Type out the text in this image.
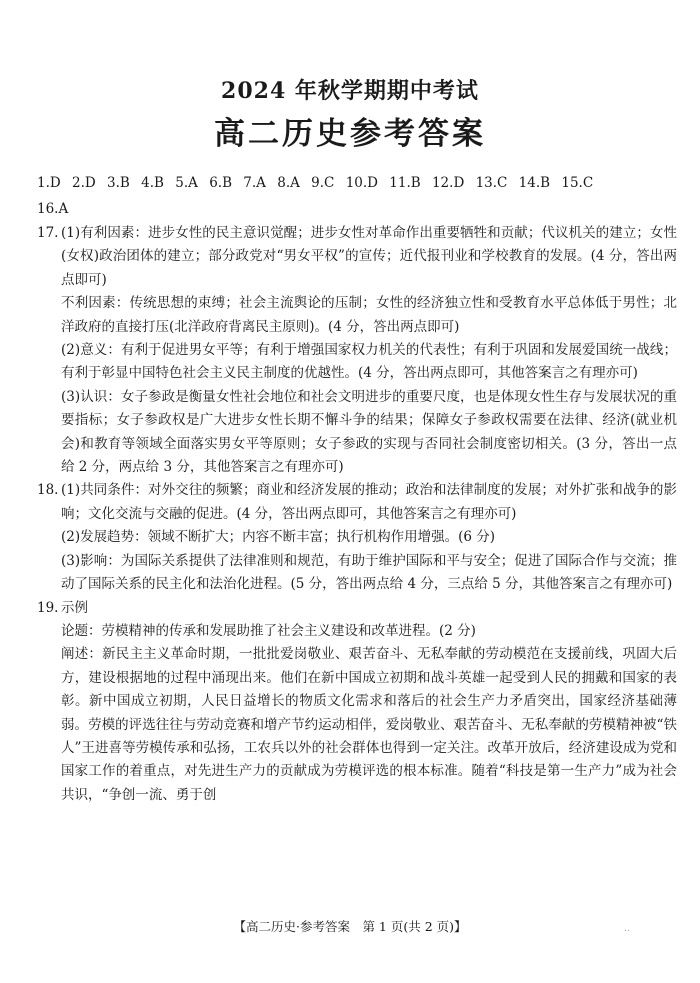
2024 年秋学期期中考试
高二历史参考答案
1.D 2.D 3.B 4.B 5.A 6.B 7.A 8.A 9.C 10.D 11.B 12.D 13.C 14.B 15.C
16.A
17. (1)有利因素：进步女性的民主意识觉醒；进步女性对革命作出重要牺牲和贡献；代议机关的建立；女性(女权)政治团体的建立；部分政党对“男女平权”的宣传；近代报刊业和学校教育的发展。(4 分，答出两点即可)

不利因素：传统思想的束缚；社会主流舆论的压制；女性的经济独立性和受教育水平总体低于男性；北洋政府的直接打压(北洋政府背离民主原则)。(4 分，答出两点即可)

(2)意义：有利于促进男女平等；有利于增强国家权力机关的代表性；有利于巩固和发展爱国统一战线；有利于彰显中国特色社会主义民主制度的优越性。(4 分，答出两点即可，其他答案言之有理亦可)

(3)认识：女子参政是衡量女性社会地位和社会文明进步的重要尺度，也是体现女性生存与发展状况的重要指标；女子参政权是广大进步女性长期不懈斗争的结果；保障女子参政权需要在法律、经济(就业机会)和教育等领域全面落实男女平等原则；女子参政的实现与否同社会制度密切相关。(3 分，答出一点给 2 分，两点给 3 分，其他答案言之有理亦可)

18. (1)共同条件：对外交往的频繁；商业和经济发展的推动；政治和法律制度的发展；对外扩张和战争的影响；文化交流与交融的促进。(4 分，答出两点即可，其他答案言之有理亦可)

(2)发展趋势：领域不断扩大；内容不断丰富；执行机构作用增强。(6 分)

(3)影响：为国际关系提供了法律准则和规范，有助于维护国际和平与安全；促进了国际合作与交流；推动了国际关系的民主化和法治化进程。(5 分，答出两点给 4 分，三点给 5 分，其他答案言之有理亦可)

19. 示例

论题：劳模精神的传承和发展助推了社会主义建设和改革进程。(2 分)

阐述：新民主主义革命时期，一批批爱岗敬业、艰苦奋斗、无私奉献的劳动模范在支援前线，巩固大后方，建设根据地的过程中涌现出来。他们在新中国成立初期和战斗英雄一起受到人民的拥戴和国家的表彰。新中国成立初期，人民日益增长的物质文化需求和落后的社会生产力矛盾突出，国家经济基础薄弱。劳模的评选往往与劳动竞赛和增产节约运动相伴，爱岗敬业、艰苦奋斗、无私奉献的劳模精神被“铁人”王进喜等劳模传承和弘扬，工农兵以外的社会群体也得到一定关注。改革开放后，经济建设成为党和国家工作的着重点，对先进生产力的贡献成为劳模评选的根本标准。随着“科技是第一生产力”成为社会共识，“争创一流、勇于创

【高二历史·参考答案　第 1 页(共 2 页)】	..
